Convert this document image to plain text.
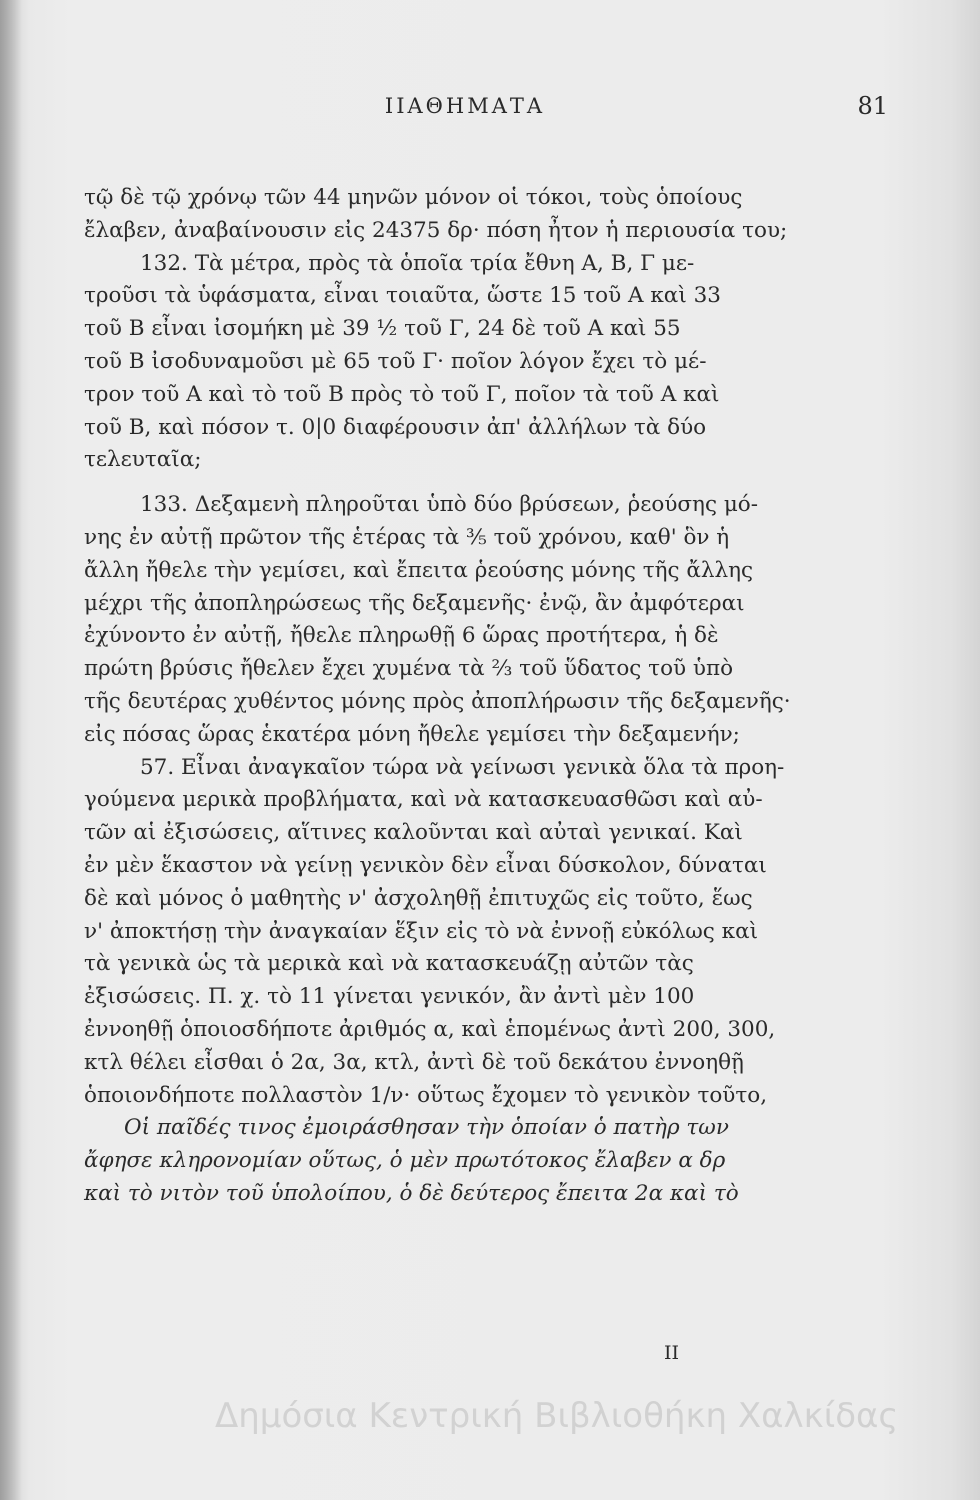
ΙΙΑΘΗΜΑΤΑ	81
τῷ δὲ τῷ χρόνῳ τῶν 44 μηνῶν μόνον οἱ τόκοι, τοὺς ὁποίους
ἔλαβεν, ἀναβαίνουσιν εἰς 24375 δρ· πόση ἦτον ἡ περιουσία του;
132. Τὰ μέτρα, πρὸς τὰ ὁποῖα τρία ἔθνη Α, Β, Γ με-
τροῦσι τὰ ὑφάσματα, εἶναι τοιαῦτα, ὥστε 15 τοῦ Α καὶ 33
τοῦ Β εἶναι ἰσομήκη μὲ 39 ½ τοῦ Γ, 24 δὲ τοῦ Α καὶ 55
τοῦ Β ἰσοδυναμοῦσι μὲ 65 τοῦ Γ· ποῖον λόγον ἔχει τὸ μέ-
τρον τοῦ Α καὶ τὸ τοῦ Β πρὸς τὸ τοῦ Γ, ποῖον τὰ τοῦ Α καὶ
τοῦ Β, καὶ πόσον τ. 0|0 διαφέρουσιν ἀπ' ἀλλήλων τὰ δύο
τελευταῖα;
133. Δεξαμενὴ πληροῦται ὑπὸ δύο βρύσεων, ῥεούσης μό-
νης ἐν αὐτῇ πρῶτον τῆς ἑτέρας τὰ ⅗ τοῦ χρόνου, καθ' ὃν ἡ
ἄλλη ἤθελε τὴν γεμίσει, καὶ ἔπειτα ῥεούσης μόνης τῆς ἄλλης
μέχρι τῆς ἀποπληρώσεως τῆς δεξαμενῆς· ἐνῷ, ἂν ἀμφότεραι
ἐχύνοντο ἐν αὐτῇ, ἤθελε πληρωθῇ 6 ὥρας προτήτερα, ἡ δὲ
πρώτη βρύσις ἤθελεν ἔχει χυμένα τὰ ⅔ τοῦ ὕδατος τοῦ ὑπὸ
τῆς δευτέρας χυθέντος μόνης πρὸς ἀποπλήρωσιν τῆς δεξαμενῆς·
εἰς πόσας ὥρας ἑκατέρα μόνη ἤθελε γεμίσει τὴν δεξαμενήν;
57. Εἶναι ἀναγκαῖον τώρα νὰ γείνωσι γενικὰ ὅλα τὰ προη-
γούμενα μερικὰ προβλήματα, καὶ νὰ κατασκευασθῶσι καὶ αὐ-
τῶν αἱ ἐξισώσεις, αἵτινες καλοῦνται καὶ αὐταὶ γενικαί. Καὶ
ἐν μὲν ἕκαστον νὰ γείνῃ γενικὸν δὲν εἶναι δύσκολον, δύναται
δὲ καὶ μόνος ὁ μαθητὴς ν' ἀσχοληθῇ ἐπιτυχῶς εἰς τοῦτο, ἕως
ν' ἀποκτήσῃ τὴν ἀναγκαίαν ἕξιν εἰς τὸ νὰ ἐννοῇ εὐκόλως καὶ
τὰ γενικὰ ὡς τὰ μερικὰ καὶ νὰ κατασκευάζῃ αὐτῶν τὰς
ἐξισώσεις. Π. χ. τὸ 11 γίνεται γενικόν, ἂν ἀντὶ μὲν 100
ἐννοηθῇ ὁποιοσδήποτε ἀριθμός α, καὶ ἑπομένως ἀντὶ 200, 300,
κτλ θέλει εἶσθαι ὁ 2α, 3α, κτλ, ἀντὶ δὲ τοῦ δεκάτου ἐννοηθῇ
ὁποιονδήποτε πολλαστὸν 1/ν· οὕτως ἔχομεν τὸ γενικὸν τοῦτο,
Οἱ παῖδές τινος ἐμοιράσθησαν τὴν ὁποίαν ὁ πατὴρ των
ἄφησε κληρονομίαν οὕτως, ὁ μὲν πρωτότοκος ἔλαβεν α δρ
καὶ τὸ νιτὸν τοῦ ὑπολοίπου, ὁ δὲ δεύτερος ἔπειτα 2α καὶ τὸ
ΙΙ
Δημόσια Κεντρική Βιβλιοθήκη Χαλκίδας
